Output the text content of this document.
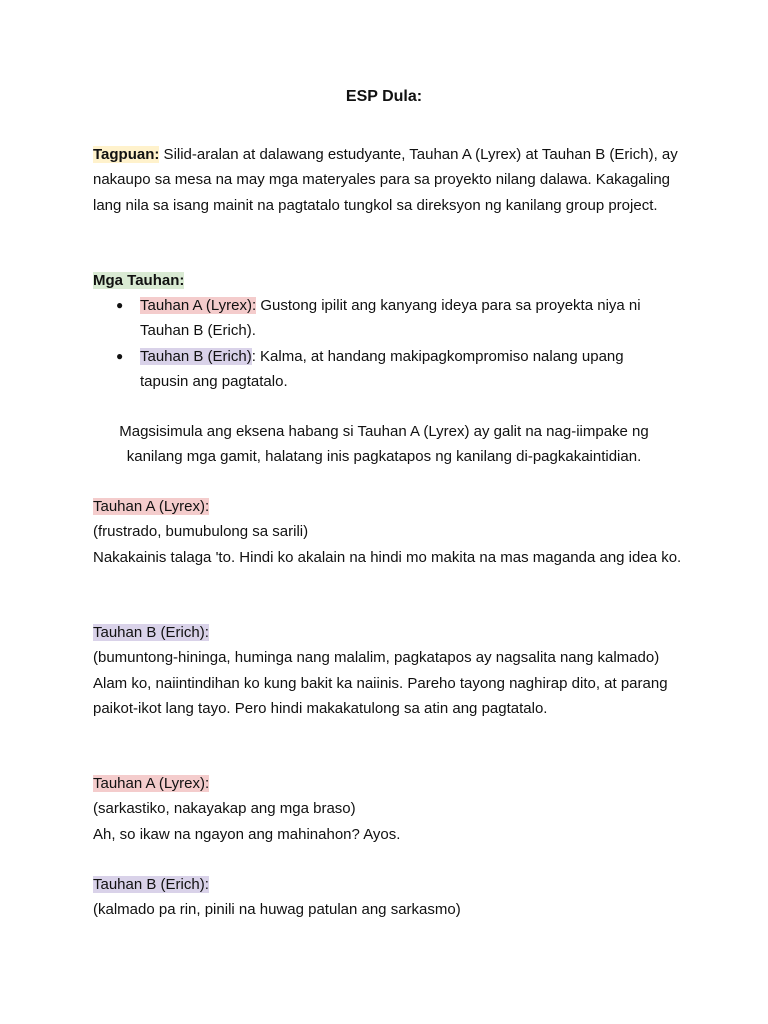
ESP Dula:
Tagpuan: Silid-aralan at dalawang estudyante, Tauhan A (Lyrex) at Tauhan B (Erich), ay nakaupo sa mesa na may mga materyales para sa proyekto nilang dalawa. Kakagaling lang nila sa isang mainit na pagtatalo tungkol sa direksyon ng kanilang group project.
Mga Tauhan:
● Tauhan A (Lyrex): Gustong ipilit ang kanyang ideya para sa proyekta niya ni Tauhan B (Erich).
● Tauhan B (Erich): Kalma, at handang makipagkompromiso nalang upang tapusin ang pagtatalo.
Magsisimula ang eksena habang si Tauhan A (Lyrex) ay galit na nag-iimpake ng kanilang mga gamit, halatang inis pagkatapos ng kanilang di-pagkakaintidian.
Tauhan A (Lyrex):
(frustrado, bumubulong sa sarili)
Nakakainis talaga 'to. Hindi ko akalain na hindi mo makita na mas maganda ang idea ko.
Tauhan B (Erich):
(bumuntong-hininga, huminga nang malalim, pagkatapos ay nagsalita nang kalmado)
Alam ko, naiintindihan ko kung bakit ka naiinis. Pareho tayong naghirap dito, at parang paikot-ikot lang tayo. Pero hindi makakatulong sa atin ang pagtatalo.
Tauhan A (Lyrex):
(sarkastiko, nakayakap ang mga braso)
Ah, so ikaw na ngayon ang mahinahon? Ayos.
Tauhan B (Erich):
(kalmado pa rin, pinili na huwag patulan ang sarkasmo)
